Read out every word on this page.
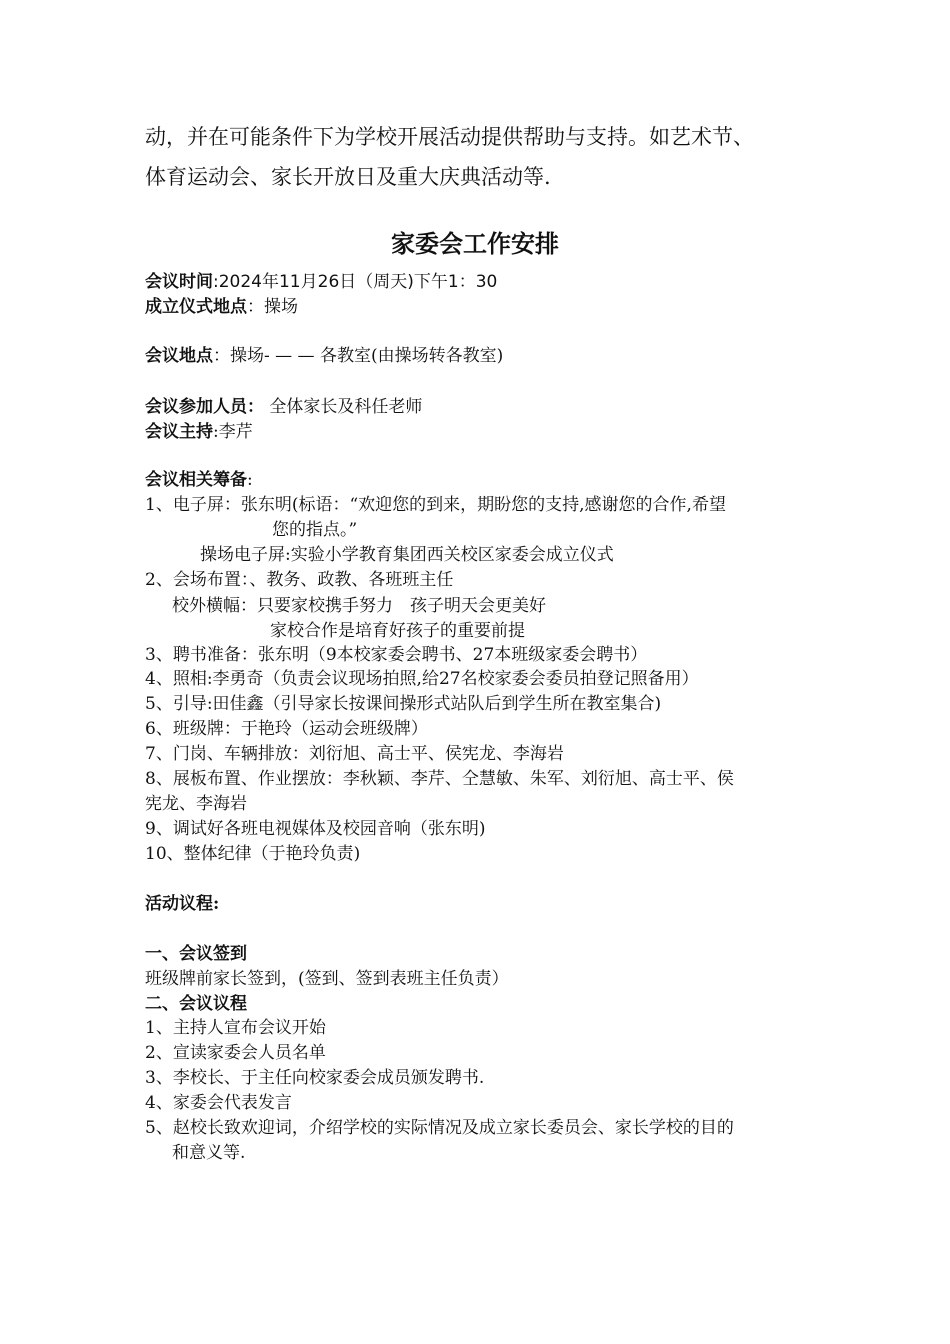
动，并在可能条件下为学校开展活动提供帮助与支持。如艺术节、
体育运动会、家长开放日及重大庆典活动等.
家委会工作安排
会议时间:2024年11月26日（周天)下午1：30
成立仪式地点：操场
会议地点：操场- — — 各教室(由操场转各教室)
会议参加人员： 全体家长及科任老师
会议主持:李芹
会议相关筹备:
1、电子屏：张东明(标语：“欢迎您的到来，期盼您的支持,感谢您的合作,希望
您的指点。”
操场电子屏:实验小学教育集团西关校区家委会成立仪式
2、会场布置：、教务、政教、各班班主任
校外横幅：只要家校携手努力　孩子明天会更美好
家校合作是培育好孩子的重要前提
3、聘书准备：张东明（9本校家委会聘书、27本班级家委会聘书）
4、照相:李勇奇（负责会议现场拍照,给27名校家委会委员拍登记照备用）
5、引导:田佳鑫（引导家长按课间操形式站队后到学生所在教室集合)
6、班级牌：于艳玲（运动会班级牌）
7、门岗、车辆排放：刘衍旭、高士平、侯宪龙、李海岩
8、展板布置、作业摆放：李秋颖、李芹、仝慧敏、朱军、刘衍旭、高士平、侯
宪龙、李海岩
9、调试好各班电视媒体及校园音响（张东明)
10、整体纪律（于艳玲负责)
活动议程:
一、会议签到
班级牌前家长签到，(签到、签到表班主任负责）
二、会议议程
1、主持人宣布会议开始
2、宣读家委会人员名单
3、李校长、于主任向校家委会成员颁发聘书.
4、家委会代表发言
5、赵校长致欢迎词，介绍学校的实际情况及成立家长委员会、家长学校的目的
和意义等.
